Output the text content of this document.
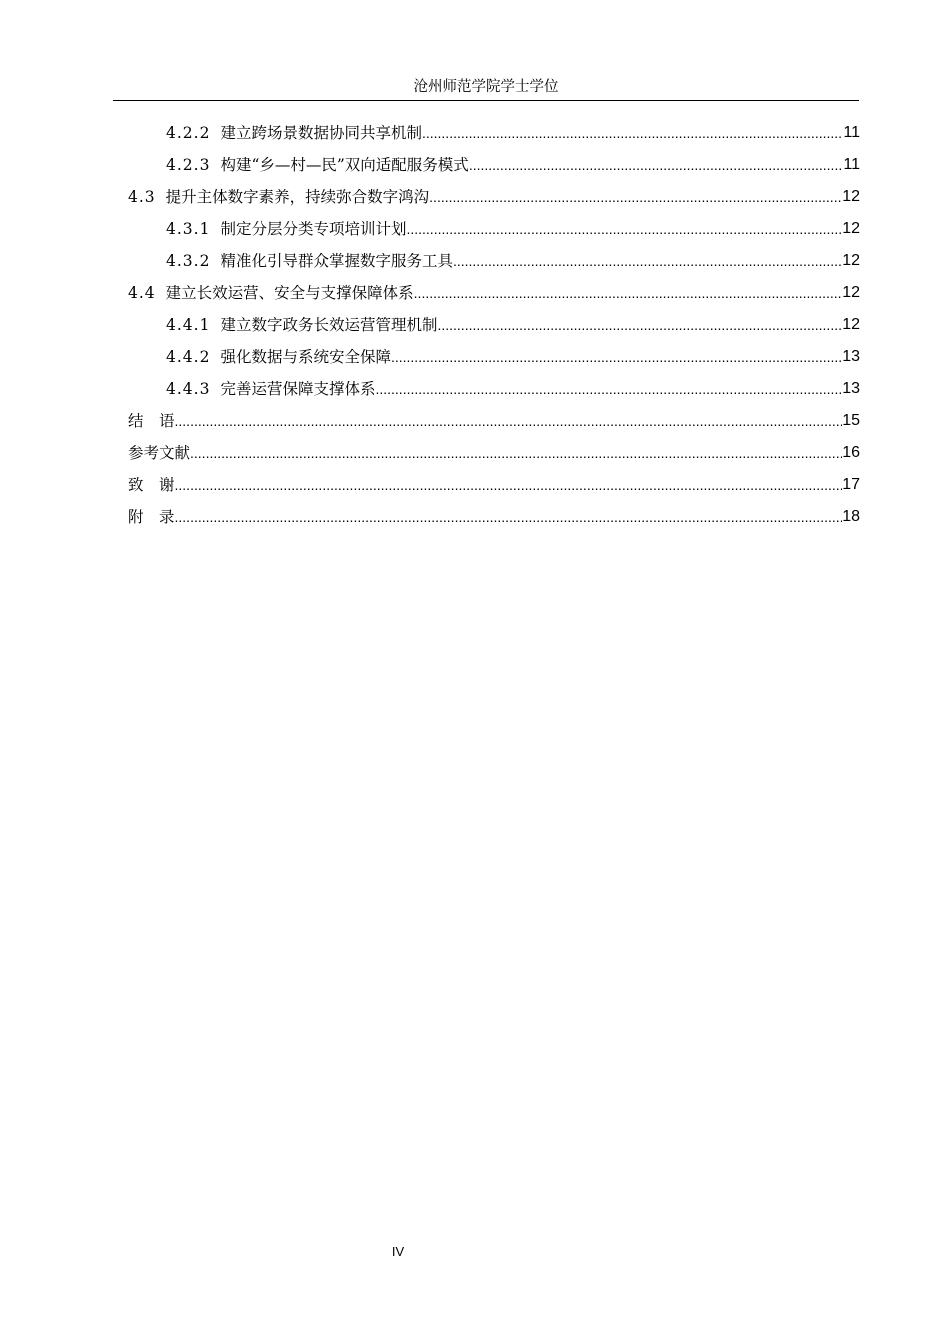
沧州师范学院学士学位
4.2.2 建立跨场景数据协同共享机制 .....	11
4.2.3 构建“乡—村—民”双向适配服务模式 .....	11
4.3 提升主体数字素养，持续弥合数字鸿沟 .....	12
4.3.1 制定分层分类专项培训计划 .....	12
4.3.2 精准化引导群众掌握数字服务工具 .....	12
4.4 建立长效运营、安全与支撑保障体系 .....	12
4.4.1 建立数字政务长效运营管理机制 .....	12
4.4.2 强化数据与系统安全保障 .....	13
4.4.3 完善运营保障支撑体系 .....	13
结　语 .....	15
参考文献 .....	16
致　谢 .....	17
附　录 .....	18
IV
